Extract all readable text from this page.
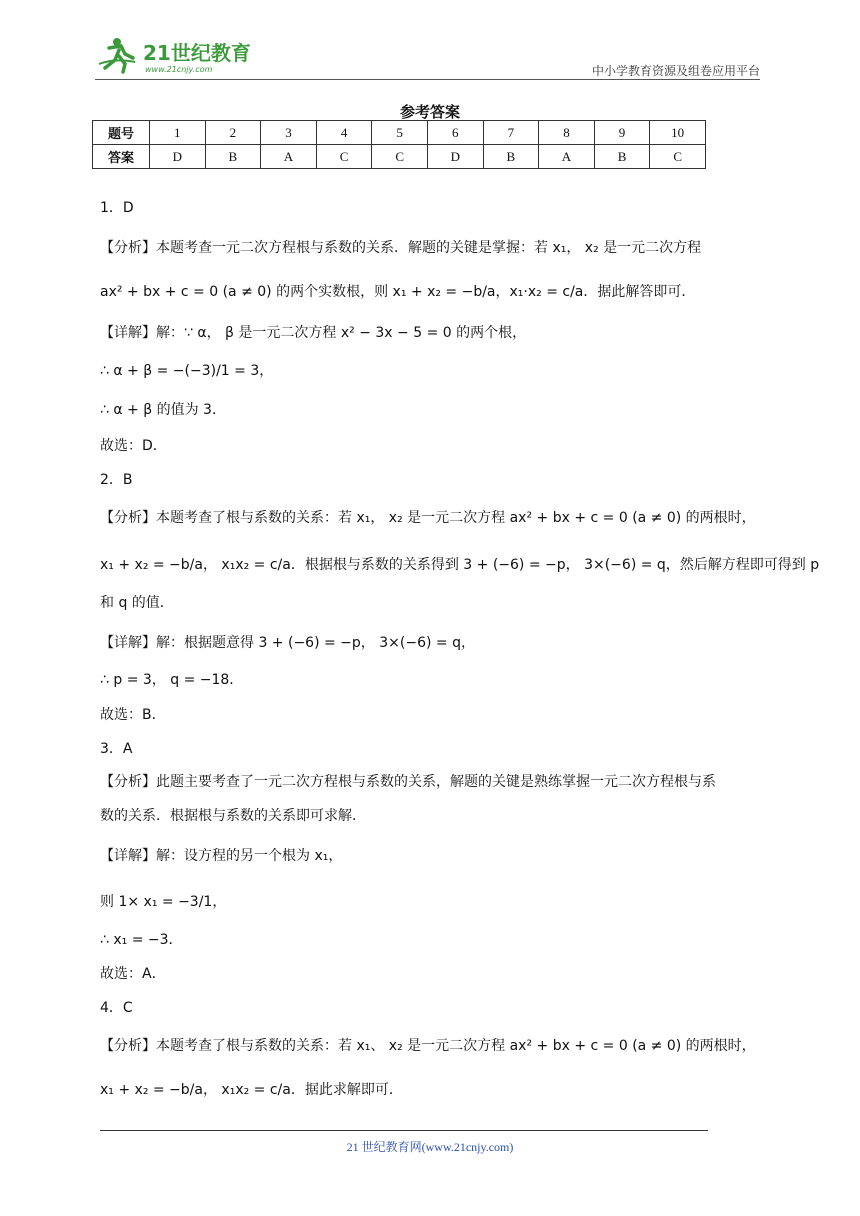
21世纪教育
www.21cnjy.com	中小学教育资源及组卷应用平台
参考答案
题号	1	2	3	4	5	6	7	8	9	10
答案	D	B	A	C	C	D	B	A	B	C
1．D
【分析】本题考查一元二次方程根与系数的关系．解题的关键是掌握：若 x₁， x₂ 是一元二次方程
ax² + bx + c = 0 (a ≠ 0) 的两个实数根，则 x₁ + x₂ = −b/a，x₁·x₂ = c/a．据此解答即可．
【详解】解：∵ α， β 是一元二次方程 x² − 3x − 5 = 0 的两个根，
∴ α + β = −(−3)/1 = 3，
∴ α + β 的值为 3．
故选：D．
2．B
【分析】本题考查了根与系数的关系：若 x₁， x₂ 是一元二次方程 ax² + bx + c = 0 (a ≠ 0) 的两根时，
x₁ + x₂ = −b/a， x₁x₂ = c/a．根据根与系数的关系得到 3 + (−6) = −p， 3×(−6) = q，然后解方程即可得到 p
和 q 的值．
【详解】解：根据题意得 3 + (−6) = −p， 3×(−6) = q，
∴ p = 3， q = −18．
故选：B．
3．A
【分析】此题主要考查了一元二次方程根与系数的关系，解题的关键是熟练掌握一元二次方程根与系
数的关系．根据根与系数的关系即可求解．
【详解】解：设方程的另一个根为 x₁，
则 1× x₁ = −3/1，
∴ x₁ = −3．
故选：A．
4．C
【分析】本题考查了根与系数的关系：若 x₁、 x₂ 是一元二次方程 ax² + bx + c = 0 (a ≠ 0) 的两根时，
x₁ + x₂ = −b/a， x₁x₂ = c/a．据此求解即可．
21 世纪教育网(www.21cnjy.com)
